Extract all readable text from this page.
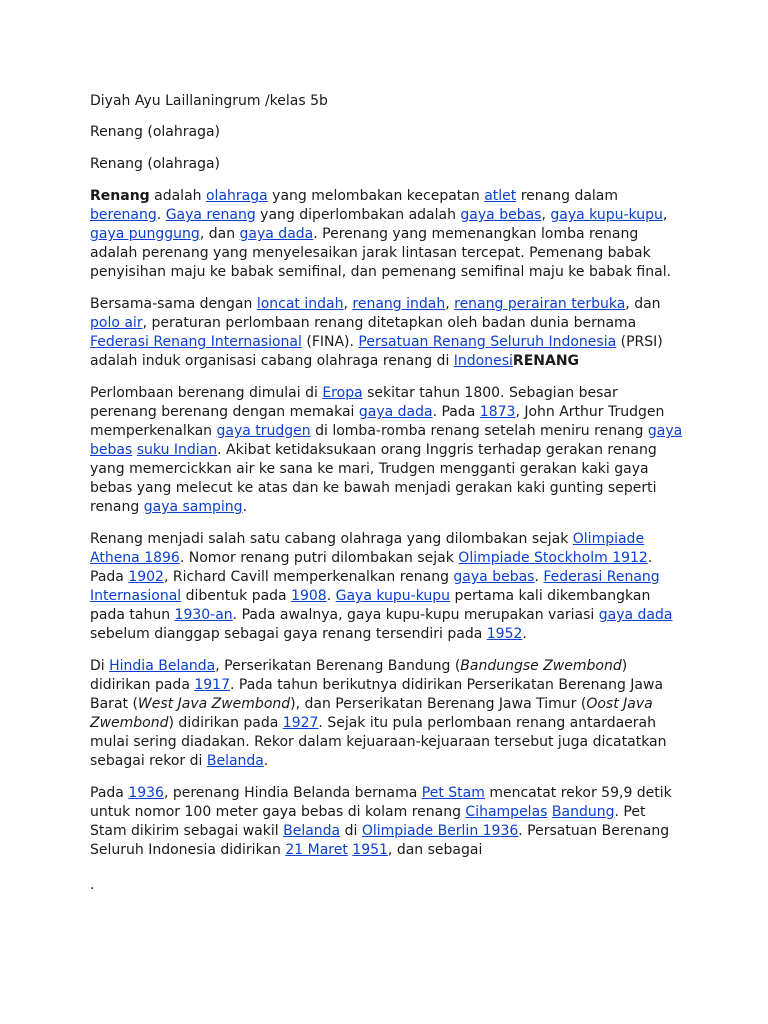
Diyah Ayu Laillaningrum /kelas 5b
Renang (olahraga)
Renang (olahraga)
Renang adalah olahraga yang melombakan kecepatan atlet renang dalam
berenang. Gaya renang yang diperlombakan adalah gaya bebas, gaya kupu-kupu,
gaya punggung, dan gaya dada. Perenang yang memenangkan lomba renang
adalah perenang yang menyelesaikan jarak lintasan tercepat. Pemenang babak
penyisihan maju ke babak semifinal, dan pemenang semifinal maju ke babak final.
Bersama-sama dengan loncat indah, renang indah, renang perairan terbuka, dan
polo air, peraturan perlombaan renang ditetapkan oleh badan dunia bernama
Federasi Renang Internasional (FINA). Persatuan Renang Seluruh Indonesia (PRSI)
adalah induk organisasi cabang olahraga renang di IndonesiRENANG
Perlombaan berenang dimulai di Eropa sekitar tahun 1800. Sebagian besar
perenang berenang dengan memakai gaya dada. Pada 1873, John Arthur Trudgen
memperkenalkan gaya trudgen di lomba-romba renang setelah meniru renang gaya
bebas suku Indian. Akibat ketidaksukaan orang Inggris terhadap gerakan renang
yang memercickkan air ke sana ke mari, Trudgen mengganti gerakan kaki gaya
bebas yang melecut ke atas dan ke bawah menjadi gerakan kaki gunting seperti
renang gaya samping.
Renang menjadi salah satu cabang olahraga yang dilombakan sejak Olimpiade
Athena 1896. Nomor renang putri dilombakan sejak Olimpiade Stockholm 1912.
Pada 1902, Richard Cavill memperkenalkan renang gaya bebas. Federasi Renang
Internasional dibentuk pada 1908. Gaya kupu-kupu pertama kali dikembangkan
pada tahun 1930-an. Pada awalnya, gaya kupu-kupu merupakan variasi gaya dada
sebelum dianggap sebagai gaya renang tersendiri pada 1952.
Di Hindia Belanda, Perserikatan Berenang Bandung (Bandungse Zwembond)
didirikan pada 1917. Pada tahun berikutnya didirikan Perserikatan Berenang Jawa
Barat (West Java Zwembond), dan Perserikatan Berenang Jawa Timur (Oost Java
Zwembond) didirikan pada 1927. Sejak itu pula perlombaan renang antardaerah
mulai sering diadakan. Rekor dalam kejuaraan-kejuaraan tersebut juga dicatatkan
sebagai rekor di Belanda.
Pada 1936, perenang Hindia Belanda bernama Pet Stam mencatat rekor 59,9 detik
untuk nomor 100 meter gaya bebas di kolam renang Cihampelas Bandung. Pet
Stam dikirim sebagai wakil Belanda di Olimpiade Berlin 1936. Persatuan Berenang
Seluruh Indonesia didirikan 21 Maret 1951, dan sebagai
.
